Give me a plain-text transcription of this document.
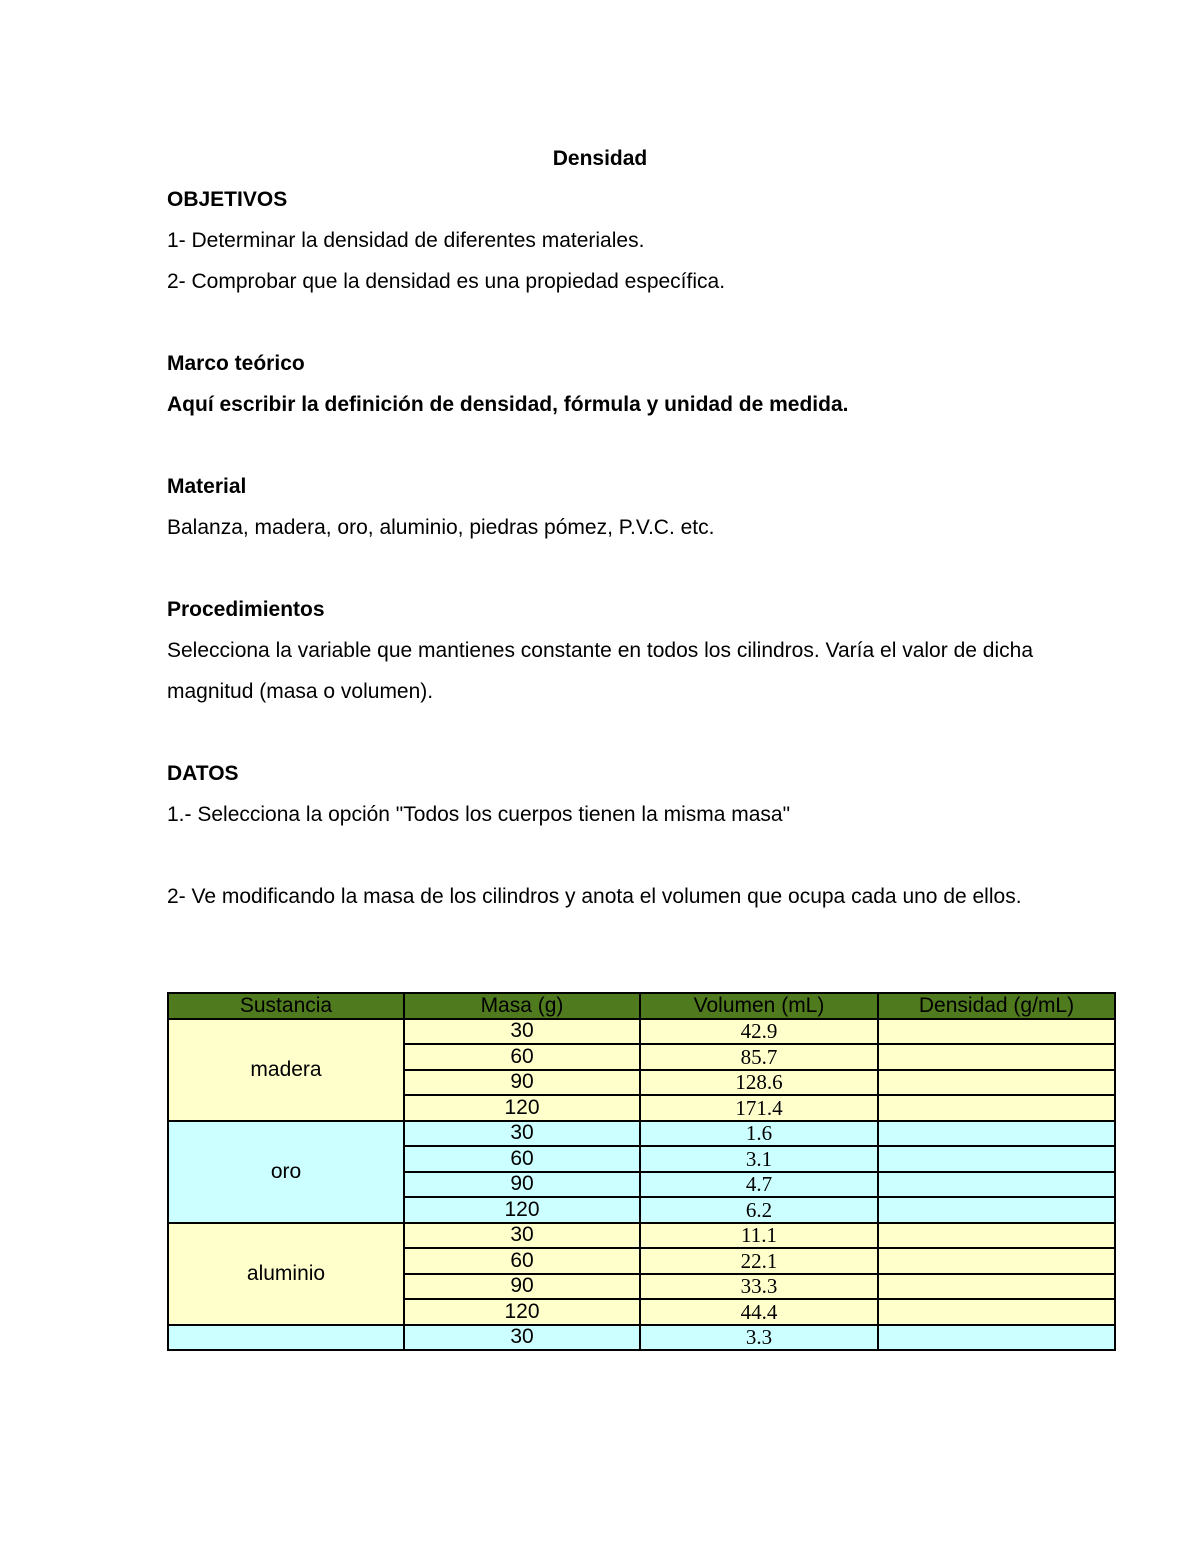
Densidad
OBJETIVOS
1- Determinar la densidad de diferentes materiales.
2- Comprobar que la densidad es una propiedad específica.
Marco teórico
Aquí escribir la definición de densidad, fórmula y unidad de medida.
Material
Balanza, madera, oro, aluminio, piedras pómez, P.V.C. etc.
Procedimientos
Selecciona la variable que mantienes constante en todos los cilindros. Varía el valor de dicha magnitud (masa o volumen).
DATOS
1.- Selecciona la opción "Todos los cuerpos tienen la misma masa"
2- Ve modificando la masa de los cilindros y anota el volumen que ocupa cada uno de ellos.
Sustancia	Masa (g)	Volumen (mL)	Densidad (g/mL)
madera	30	42.9	
	60	85.7	
	90	128.6	
	120	171.4	
oro	30	1.6	
	60	3.1	
	90	4.7	
	120	6.2	
aluminio	30	11.1	
	60	22.1	
	90	33.3	
	120	44.4	
	30	3.3	
